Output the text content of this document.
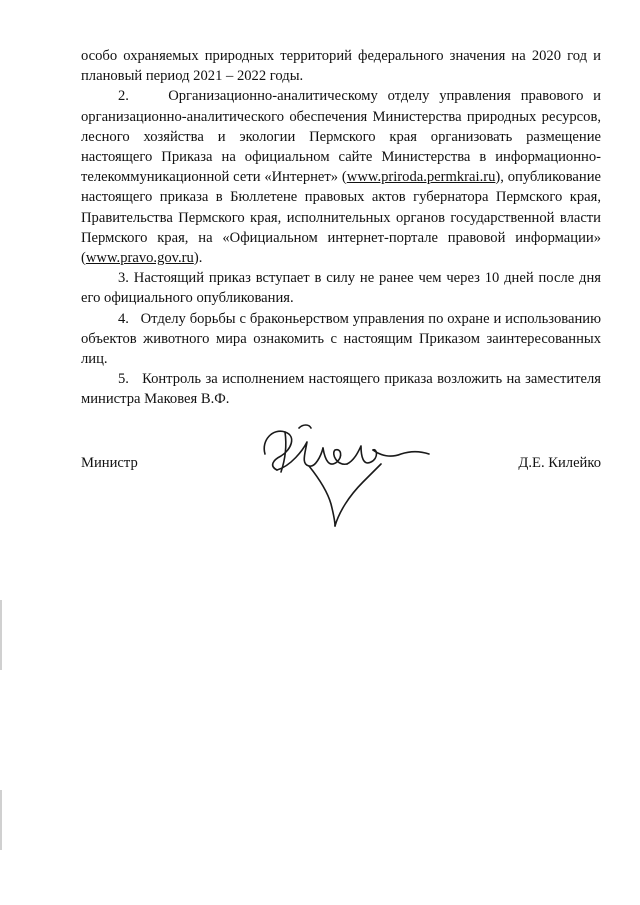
особо охраняемых природных территорий федерального значения на 2020 год и плановый период 2021 – 2022 годы.

2.    Организационно-аналитическому отделу управления правового и организационно-аналитического обеспечения Министерства природных ресурсов, лесного хозяйства и экологии Пермского края организовать размещение настоящего Приказа на официальном сайте Министерства в информационно-телекоммуникационной сети «Интернет» (www.priroda.permkrai.ru), опубликование настоящего приказа в Бюллетене правовых актов губернатора Пермского края, Правительства Пермского края, исполнительных органов государственной власти Пермского края, на «Официальном интернет-портале правовой информации» (www.pravo.gov.ru).

3. Настоящий приказ вступает в силу не ранее чем через 10 дней после дня его официального опубликования.

4.   Отделу борьбы с браконьерством управления по охране и использованию объектов животного мира ознакомить с настоящим Приказом заинтересованных лиц.

5.   Контроль за исполнением настоящего приказа возложить на заместителя министра Маковея В.Ф.

Министр	Д.Е. Килейко
